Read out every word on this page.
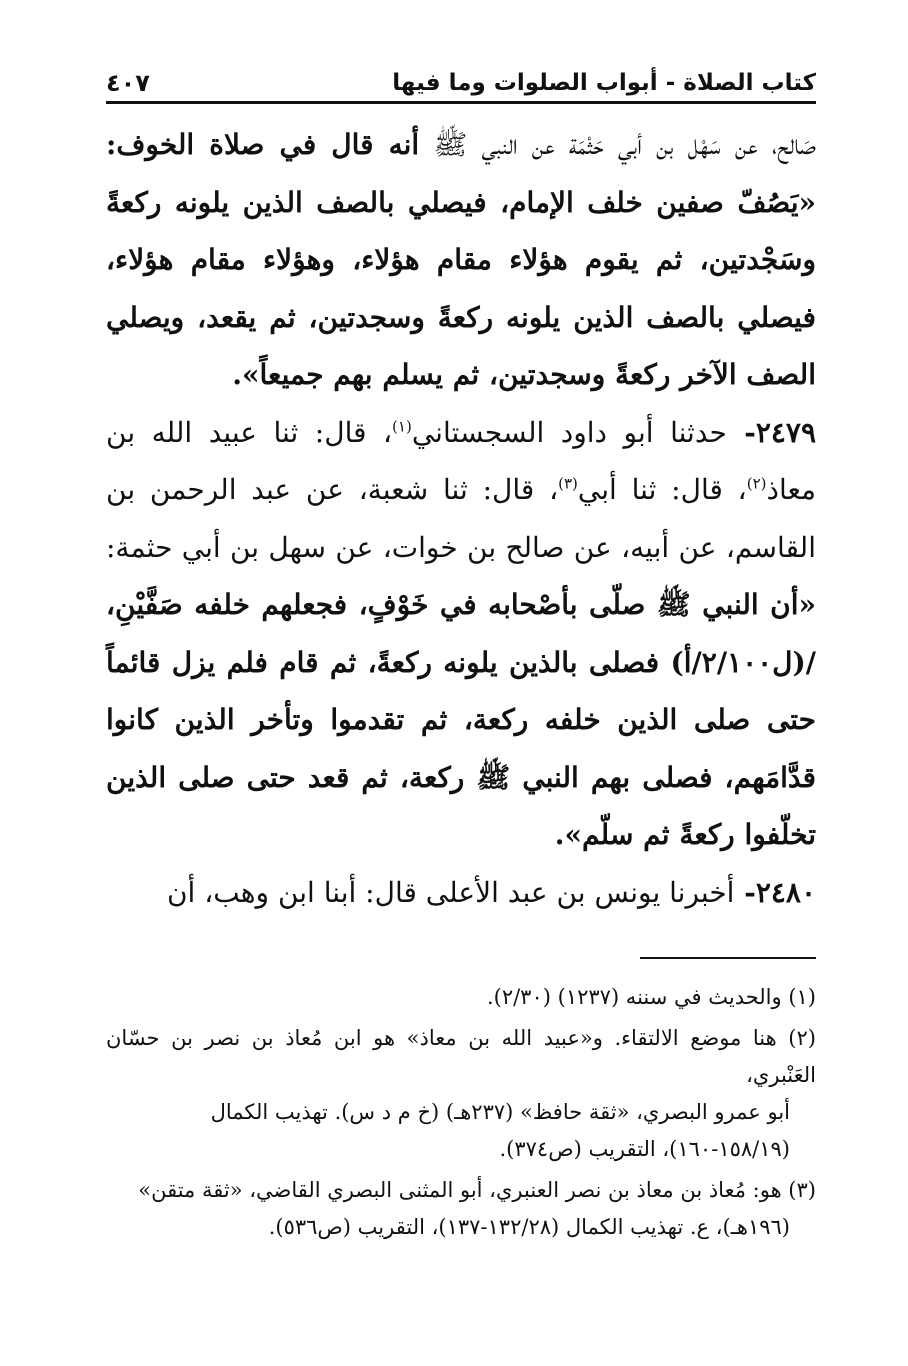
كتاب الصلاة - أبواب الصلوات وما فيها
٤٠٧

صَالح، عن سَهْل بن أبي حَثْمَة عن النبي ﷺ أنه قال في صلاة الخوف: «يَصُفّ صفين خلف الإمام، فيصلي بالصف الذين يلونه ركعةً وسَجْدتين، ثم يقوم هؤلاء مقام هؤلاء، وهؤلاء مقام هؤلاء، فيصلي بالصف الذين يلونه ركعةً وسجدتين، ثم يقعد، ويصلي الصف الآخر ركعةً وسجدتين، ثم يسلم بهم جميعاً».

٢٤٧٩- حدثنا أبو داود السجستاني$^{(١)}$، قال: ثنا عبيد الله بن معاذ$^{(٢)}$، قال: ثنا أبي$^{(٣)}$، قال: ثنا شعبة، عن عبد الرحمن بن القاسم، عن أبيه، عن صالح بن خوات، عن سهل بن أبي حثمة: «أن النبي ﷺ صلّى بأصْحابه في خَوْفٍ، فجعلهم خلفه صَفَّيْنِ، /(ل٢/١٠٠/أ) فصلى بالذين يلونه ركعةً، ثم قام فلم يزل قائماً حتى صلى الذين خلفه ركعة، ثم تقدموا وتأخر الذين كانوا قدَّامَهم، فصلى بهم النبي ﷺ ركعة، ثم قعد حتى صلى الذين تخلّفوا ركعةً ثم سلّم».

٢٤٨٠- أخبرنا يونس بن عبد الأعلى قال: أبنا ابن وهب، أن

(١) والحديث في سننه (١٢٣٧) (٢/٣٠).

(٢) هنا موضع الالتقاء. و«عبيد الله بن معاذ» هو ابن مُعاذ بن نصر بن حسّان العَنْبري،
أبو عمرو البصري، «ثقة حافظ» (٢٣٧هـ) (خ م د س). تهذيب الكمال
(١٥٨/١٩-١٦٠)، التقريب (ص٣٧٤).

(٣) هو: مُعاذ بن معاذ بن نصر العنبري، أبو المثنى البصري القاضي، «ثقة متقن»
(١٩٦هـ)، ع. تهذيب الكمال (١٣٢/٢٨-١٣٧)، التقريب (ص٥٣٦).
